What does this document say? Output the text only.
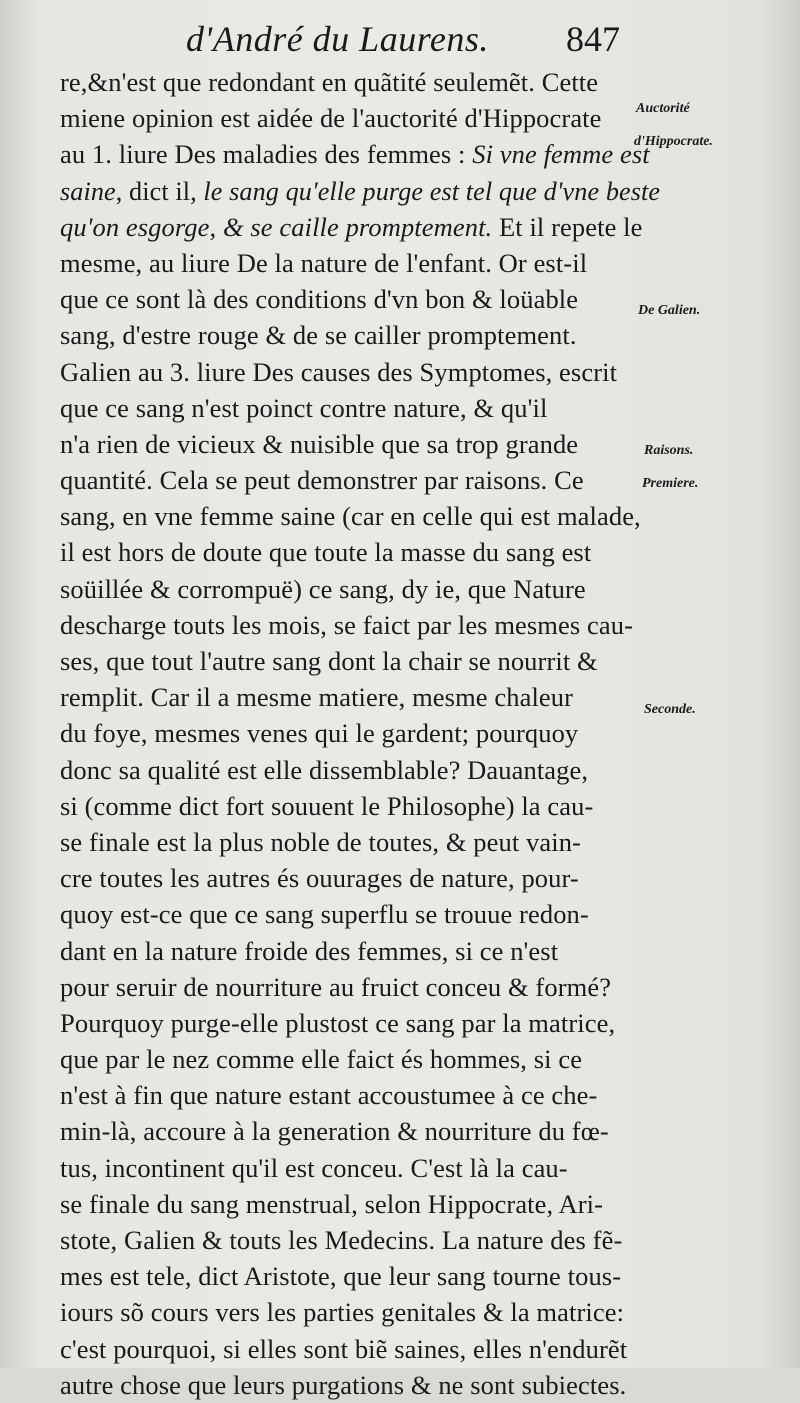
d'André du Laurens. 847
re,&n'est que redondant en quãtité seulemẽt. Cette
miene opinion est aidée de l'auctorité d'Hippocrate
au 1. liure Des maladies des femmes : Si vne femme est
saine, dict il, le sang qu'elle purge est tel que d'vne beste
qu'on esgorge, & se caille promptement. Et il repete le
mesme, au liure De la nature de l'enfant. Or est-il
que ce sont là des conditions d'vn bon & loüable
sang, d'estre rouge & de se cailler promptement.
Galien au 3. liure Des causes des Symptomes, escrit
que ce sang n'est poinct contre nature, & qu'il
n'a rien de vicieux & nuisible que sa trop grande
quantité. Cela se peut demonstrer par raisons. Ce
sang, en vne femme saine (car en celle qui est malade,
il est hors de doute que toute la masse du sang est
soüillée & corrompuë) ce sang, dy ie, que Nature
descharge touts les mois, se faict par les mesmes cau-
ses, que tout l'autre sang dont la chair se nourrit &
remplit. Car il a mesme matiere, mesme chaleur
du foye, mesmes venes qui le gardent; pourquoy
donc sa qualité est elle dissemblable? Dauantage,
si (comme dict fort souuent le Philosophe) la cau-
se finale est la plus noble de toutes, & peut vain-
cre toutes les autres és ouurages de nature, pour-
quoy est-ce que ce sang superflu se trouue redon-
dant en la nature froide des femmes, si ce n'est
pour seruir de nourriture au fruict conceu & formé?
Pourquoy purge-elle plustost ce sang par la matrice,
que par le nez comme elle faict és hommes, si ce
n'est à fin que nature estant accoustumee à ce che-
min-là, accoure à la generation & nourriture du fœ-
tus, incontinent qu'il est conceu. C'est là la cau-
se finale du sang menstrual, selon Hippocrate, Ari-
stote, Galien & touts les Medecins. La nature des fẽ-
mes est tele, dict Aristote, que leur sang tourne tous-
iours sõ cours vers les parties genitales & la matrice:
c'est pourquoi, si elles sont biẽ saines, elles n'endurẽt
autre chose que leurs purgations & ne sont subiectes.
Auctorité
d'Hippocrate.
De Galien.
Raisons.
Premiere.
Seconde.
